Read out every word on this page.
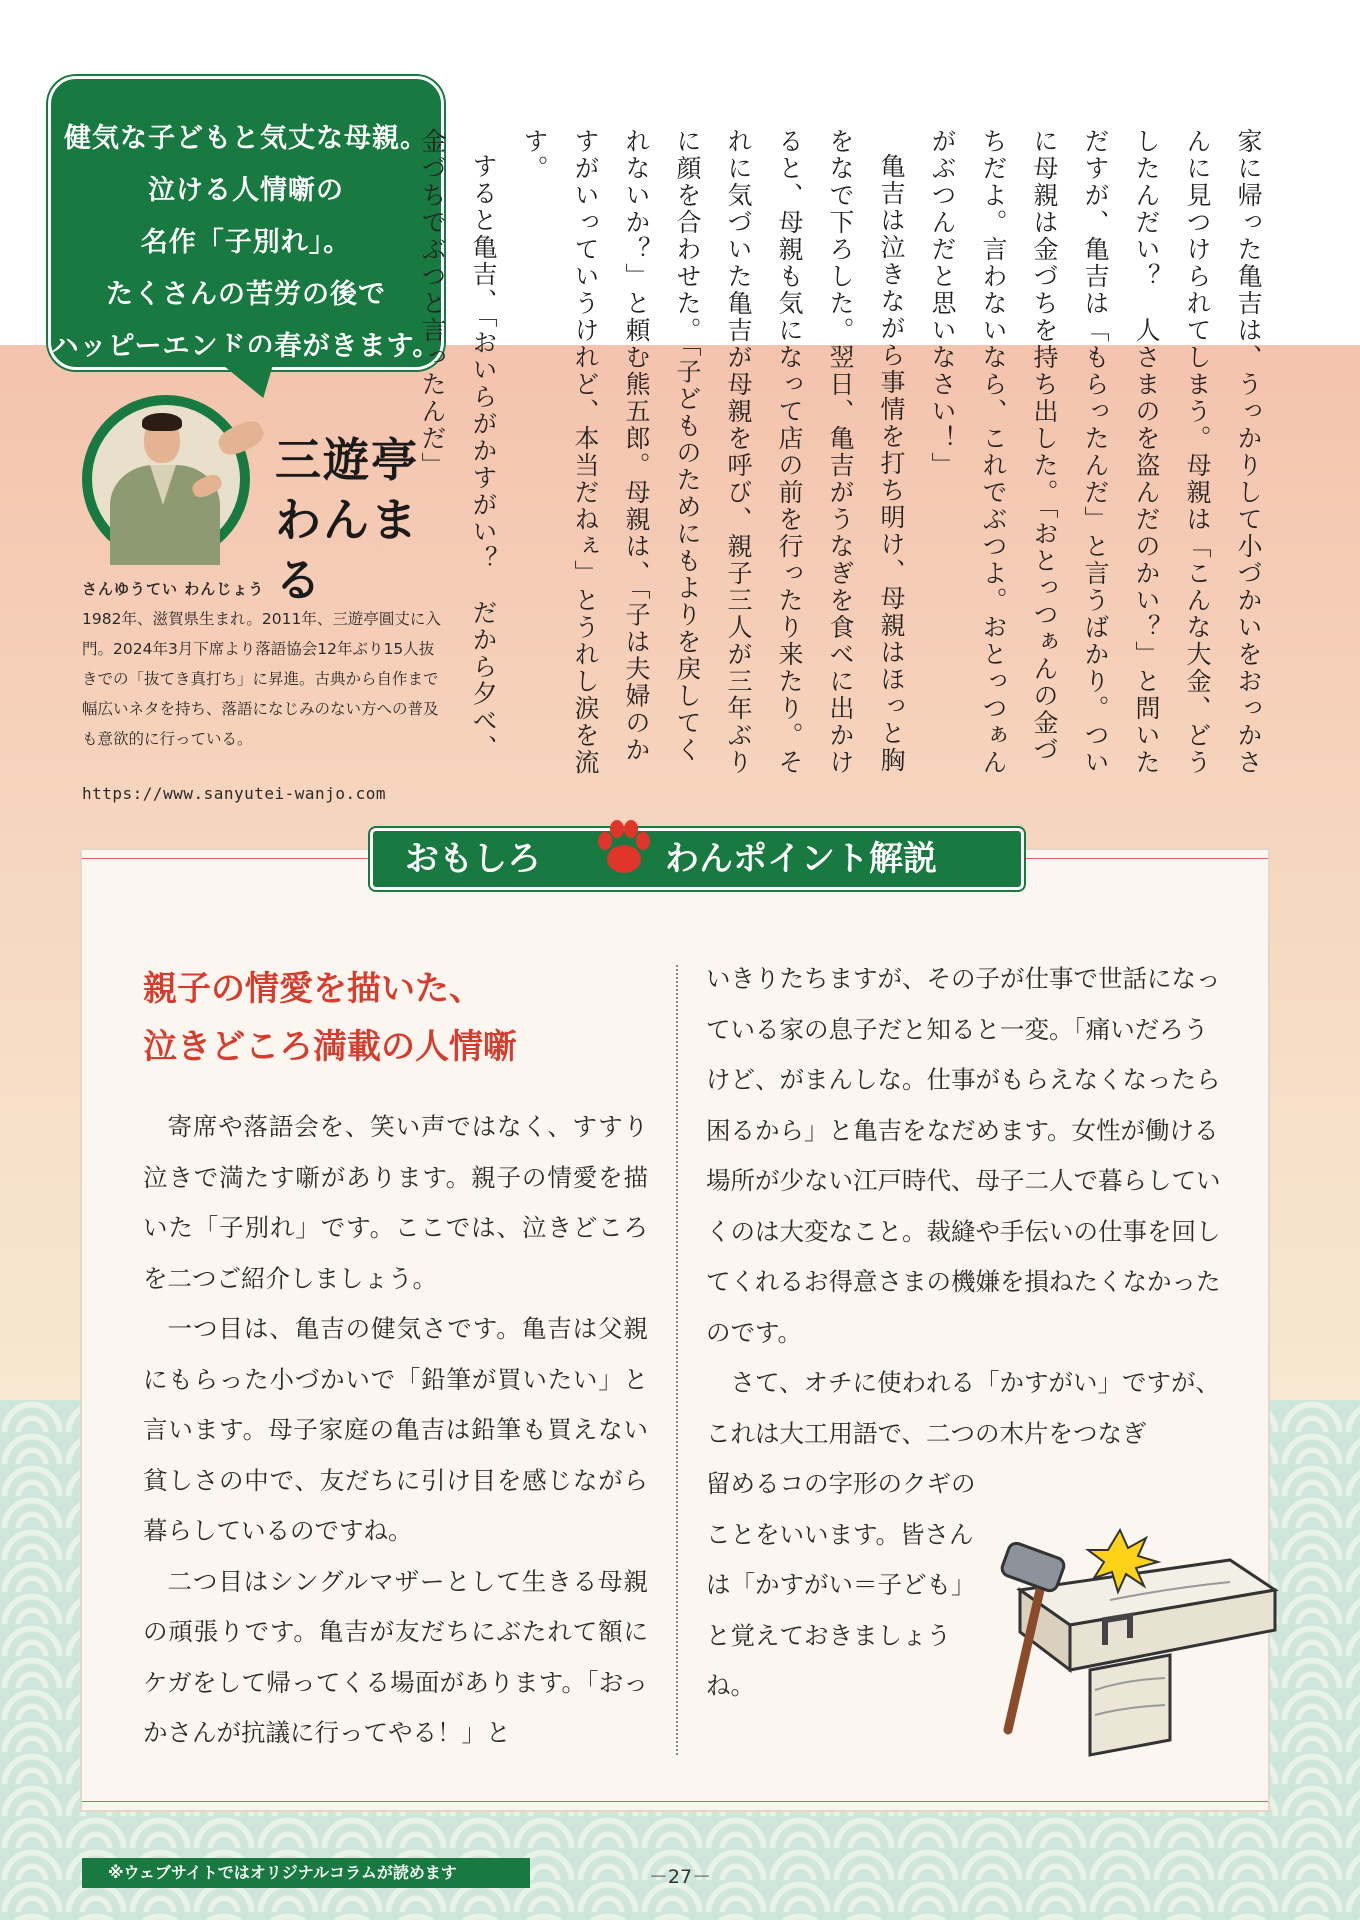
健気な子どもと気丈な母親。
泣ける人情噺の
名作「子別れ」。
たくさんの苦労の後で
ハッピーエンドの春がきます。
三遊亭
わんまる
さんゆうてい わんじょう
1982年、滋賀県生まれ。2011年、三遊亭圓丈に入門。2024年3月下席より落語協会12年ぶり15人抜きでの「抜てき真打ち」に昇進。古典から自作まで幅広いネタを持ち、落語になじみのない方への普及も意欲的に行っている。
https://www.sanyutei-wanjo.com

家に帰った亀吉は、うっかりして小づかいをおっかさんに見つけられてしまう。母親は「こんな大金、どうしたんだい？　人さまのを盗んだのかい？」と問いただすが、亀吉は「もらったんだ」と言うばかり。ついに母親は金づちを持ち出した。「おとっつぁんの金づちだよ。言わないなら、これでぶつよ。おとっつぁんがぶつんだと思いなさい！」

亀吉は泣きながら事情を打ち明け、母親はほっと胸をなで下ろした。翌日、亀吉がうなぎを食べに出かけると、母親も気になって店の前を行ったり来たり。それに気づいた亀吉が母親を呼び、親子三人が三年ぶりに顔を合わせた。「子どものためにもよりを戻してくれないか？」と頼む熊五郎。母親は、「子は夫婦のかすがいっていうけれど、本当だねぇ」とうれし涙を流す。

すると亀吉、「おいらがかすがい？　だから夕べ、金づちでぶつと言ったんだ」

おもしろ	わんポイント解説
親子の情愛を描いた、
泣きどころ満載の人情噺

寄席や落語会を、笑い声ではなく、すすり泣きで満たす噺があります。親子の情愛を描いた「子別れ」です。ここでは、泣きどころを二つご紹介しましょう。

一つ目は、亀吉の健気さです。亀吉は父親にもらった小づかいで「鉛筆が買いたい」と言います。母子家庭の亀吉は鉛筆も買えない貧しさの中で、友だちに引け目を感じながら暮らしているのですね。

二つ目はシングルマザーとして生きる母親の頑張りです。亀吉が友だちにぶたれて額にケガをして帰ってくる場面があります。「おっかさんが抗議に行ってやる！」と

いきりたちますが、その子が仕事で世話になっている家の息子だと知ると一変。「痛いだろうけど、がまんしな。仕事がもらえなくなったら困るから」と亀吉をなだめます。女性が働ける場所が少ない江戸時代、母子二人で暮らしていくのは大変なこと。裁縫や手伝いの仕事を回してくれるお得意さまの機嫌を損ねたくなかったのです。

さて、オチに使われる「かすがい」ですが、これは大工用語で、二つの木片をつなぎ

留めるコの字形のクギのことをいいます。皆さんは「かすがい＝子ども」と覚えておきましょうね。

※ウェブサイトではオリジナルコラムが読めます	－27－
